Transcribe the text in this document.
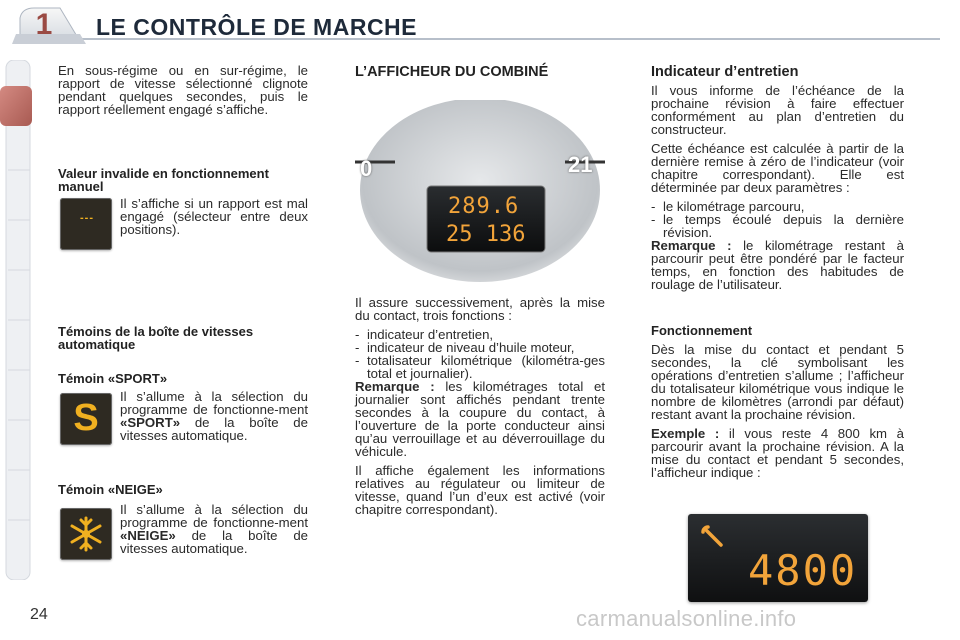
1	LE CONTRÔLE DE MARCHE
En sous-régime ou en sur-régime, le rapport de vitesse sélectionné clignote pendant quelques secondes, puis le rapport réellement engagé s’affiche.
Valeur invalide en fonctionnement manuel
- - -
Il s’affiche si un rapport est mal engagé (sélecteur entre deux positions).
Témoins de la boîte de vitesses automatique
Témoin «SPORT»
S
Il s’allume à la sélection du programme de fonctionne-ment «SPORT» de la boîte de vitesses automatique.
Témoin «NEIGE»
Il s’allume à la sélection du programme de fonctionne-ment «NEIGE» de la boîte de vitesses automatique.
L’AFFICHEUR DU COMBINÉ
0	21
289.6
25 136

Il assure successivement, après la mise du contact, trois fonctions :

- indicateur d’entretien,
- indicateur de niveau d’huile moteur,
- totalisateur kilométrique (kilométra-ges total et journalier).

Remarque : les kilométrages total et journalier sont affichés pendant trente secondes à la coupure du contact, à l’ouverture de la porte conducteur ainsi qu’au verrouillage et au déverrouillage du véhicule.

Il affiche également les informations relatives au régulateur ou limiteur de vitesse, quand l’un d’eux est activé (voir chapitre correspondant).

Indicateur d’entretien

Il vous informe de l’échéance de la prochaine révision à faire effectuer conformément au plan d’entretien du constructeur.

Cette échéance est calculée à partir de la dernière remise à zéro de l’indicateur (voir chapitre correspondant). Elle est déterminée par deux paramètres :

- le kilométrage parcouru,
- le temps écoulé depuis la dernière révision.

Remarque : le kilométrage restant à parcourir peut être pondéré par le facteur temps, en fonction des habitudes de roulage de l’utilisateur.

Fonctionnement

Dès la mise du contact et pendant 5 secondes, la clé symbolisant les opérations d’entretien s’allume ; l’afficheur du totalisateur kilométrique vous indique le nombre de kilomètres (arrondi par défaut) restant avant la prochaine révision.

Exemple : il vous reste 4 800 km à parcourir avant la prochaine révision. A la mise du contact et pendant 5 secondes, l’afficheur indique :

4800
24	carmanualsonline.info
